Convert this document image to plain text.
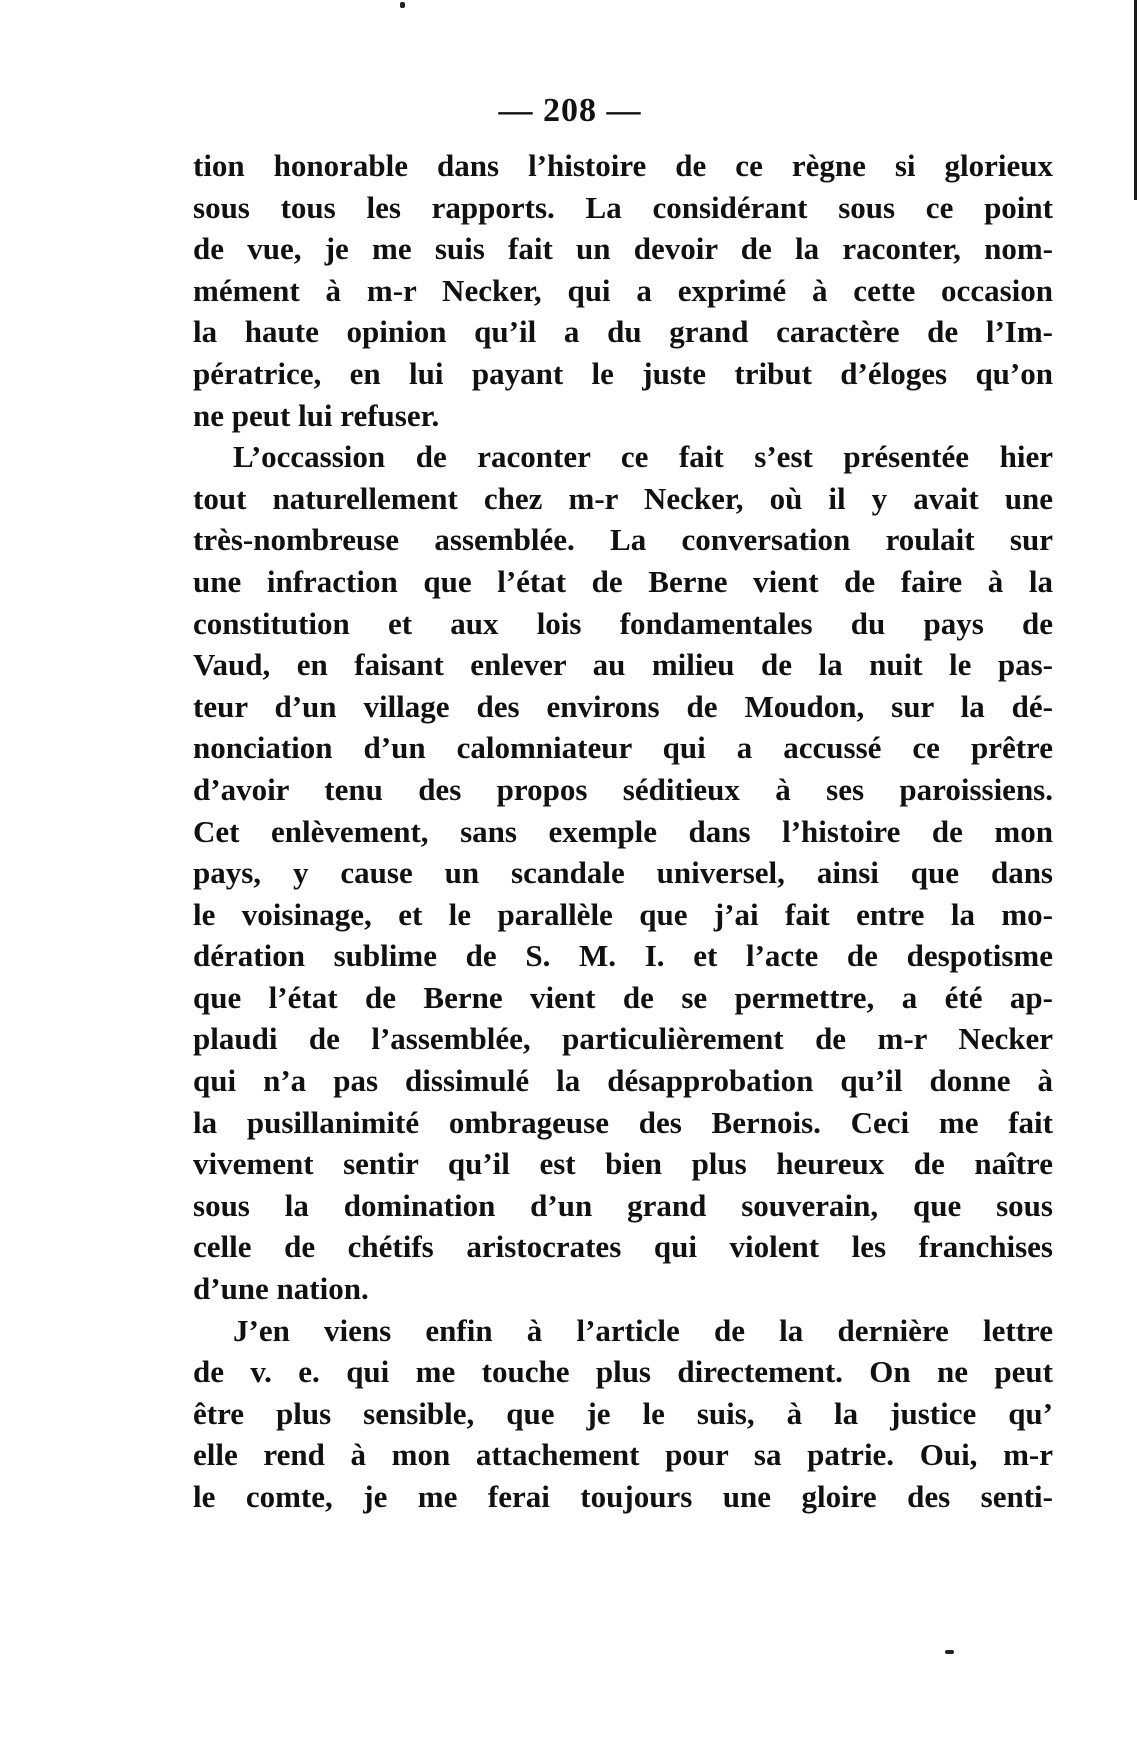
— 208 —
tion honorable dans l’histoire de ce règne si glorieux
sous tous les rapports. La considérant sous ce point
de vue, je me suis fait un devoir de la raconter, nom-
mément à m-r Necker, qui a exprimé à cette occasion
la haute opinion qu’il a du grand caractère de l’Im-
pératrice, en lui payant le juste tribut d’éloges qu’on
ne peut lui refuser.
L’occassion de raconter ce fait s’est présentée hier
tout naturellement chez m-r Necker, où il y avait une
très-nombreuse assemblée. La conversation roulait sur
une infraction que l’état de Berne vient de faire à la
constitution et aux lois fondamentales du pays de
Vaud, en faisant enlever au milieu de la nuit le pas-
teur d’un village des environs de Moudon, sur la dé-
nonciation d’un calomniateur qui a accussé ce prêtre
d’avoir tenu des propos séditieux à ses paroissiens.
Cet enlèvement, sans exemple dans l’histoire de mon
pays, y cause un scandale universel, ainsi que dans
le voisinage, et le parallèle que j’ai fait entre la mo-
dération sublime de S. M. I. et l’acte de despotisme
que l’état de Berne vient de se permettre, a été ap-
plaudi de l’assemblée, particulièrement de m-r Necker
qui n’a pas dissimulé la désapprobation qu’il donne à
la pusillanimité ombrageuse des Bernois. Ceci me fait
vivement sentir qu’il est bien plus heureux de naître
sous la domination d’un grand souverain, que sous
celle de chétifs aristocrates qui violent les franchises
d’une nation.
J’en viens enfin à l’article de la dernière lettre
de v. e. qui me touche plus directement. On ne peut
être plus sensible, que je le suis, à la justice qu’
elle rend à mon attachement pour sa patrie. Oui, m-r
le comte, je me ferai toujours une gloire des senti-
